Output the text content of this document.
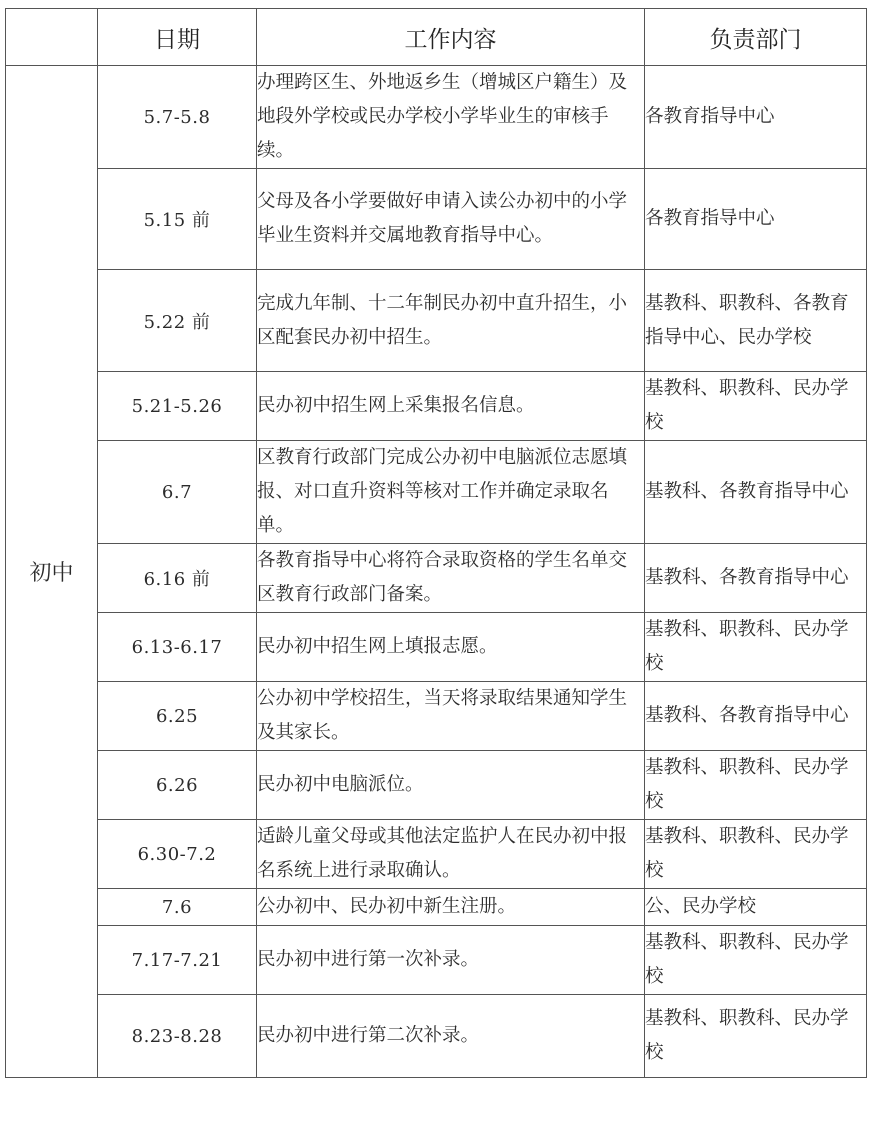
	日期	工作内容	负责部门
初中	5.7-5.8	办理跨区生、外地返乡生（增城区户籍生）及地段外学校或民办学校小学毕业生的审核手续。	各教育指导中心
	5.15 前	父母及各小学要做好申请入读公办初中的小学毕业生资料并交属地教育指导中心。	各教育指导中心
	5.22 前	完成九年制、十二年制民办初中直升招生，小区配套民办初中招生。	基教科、职教科、各教育指导中心、民办学校
	5.21-5.26	民办初中招生网上采集报名信息。	基教科、职教科、民办学校
	6.7	区教育行政部门完成公办初中电脑派位志愿填报、对口直升资料等核对工作并确定录取名单。	基教科、各教育指导中心
	6.16 前	各教育指导中心将符合录取资格的学生名单交区教育行政部门备案。	基教科、各教育指导中心
	6.13-6.17	民办初中招生网上填报志愿。	基教科、职教科、民办学校
	6.25	公办初中学校招生，当天将录取结果通知学生及其家长。	基教科、各教育指导中心
	6.26	民办初中电脑派位。	基教科、职教科、民办学校
	6.30-7.2	适龄儿童父母或其他法定监护人在民办初中报名系统上进行录取确认。	基教科、职教科、民办学校
	7.6	公办初中、民办初中新生注册。	公、民办学校
	7.17-7.21	民办初中进行第一次补录。	基教科、职教科、民办学校
	8.23-8.28	民办初中进行第二次补录。	基教科、职教科、民办学校
